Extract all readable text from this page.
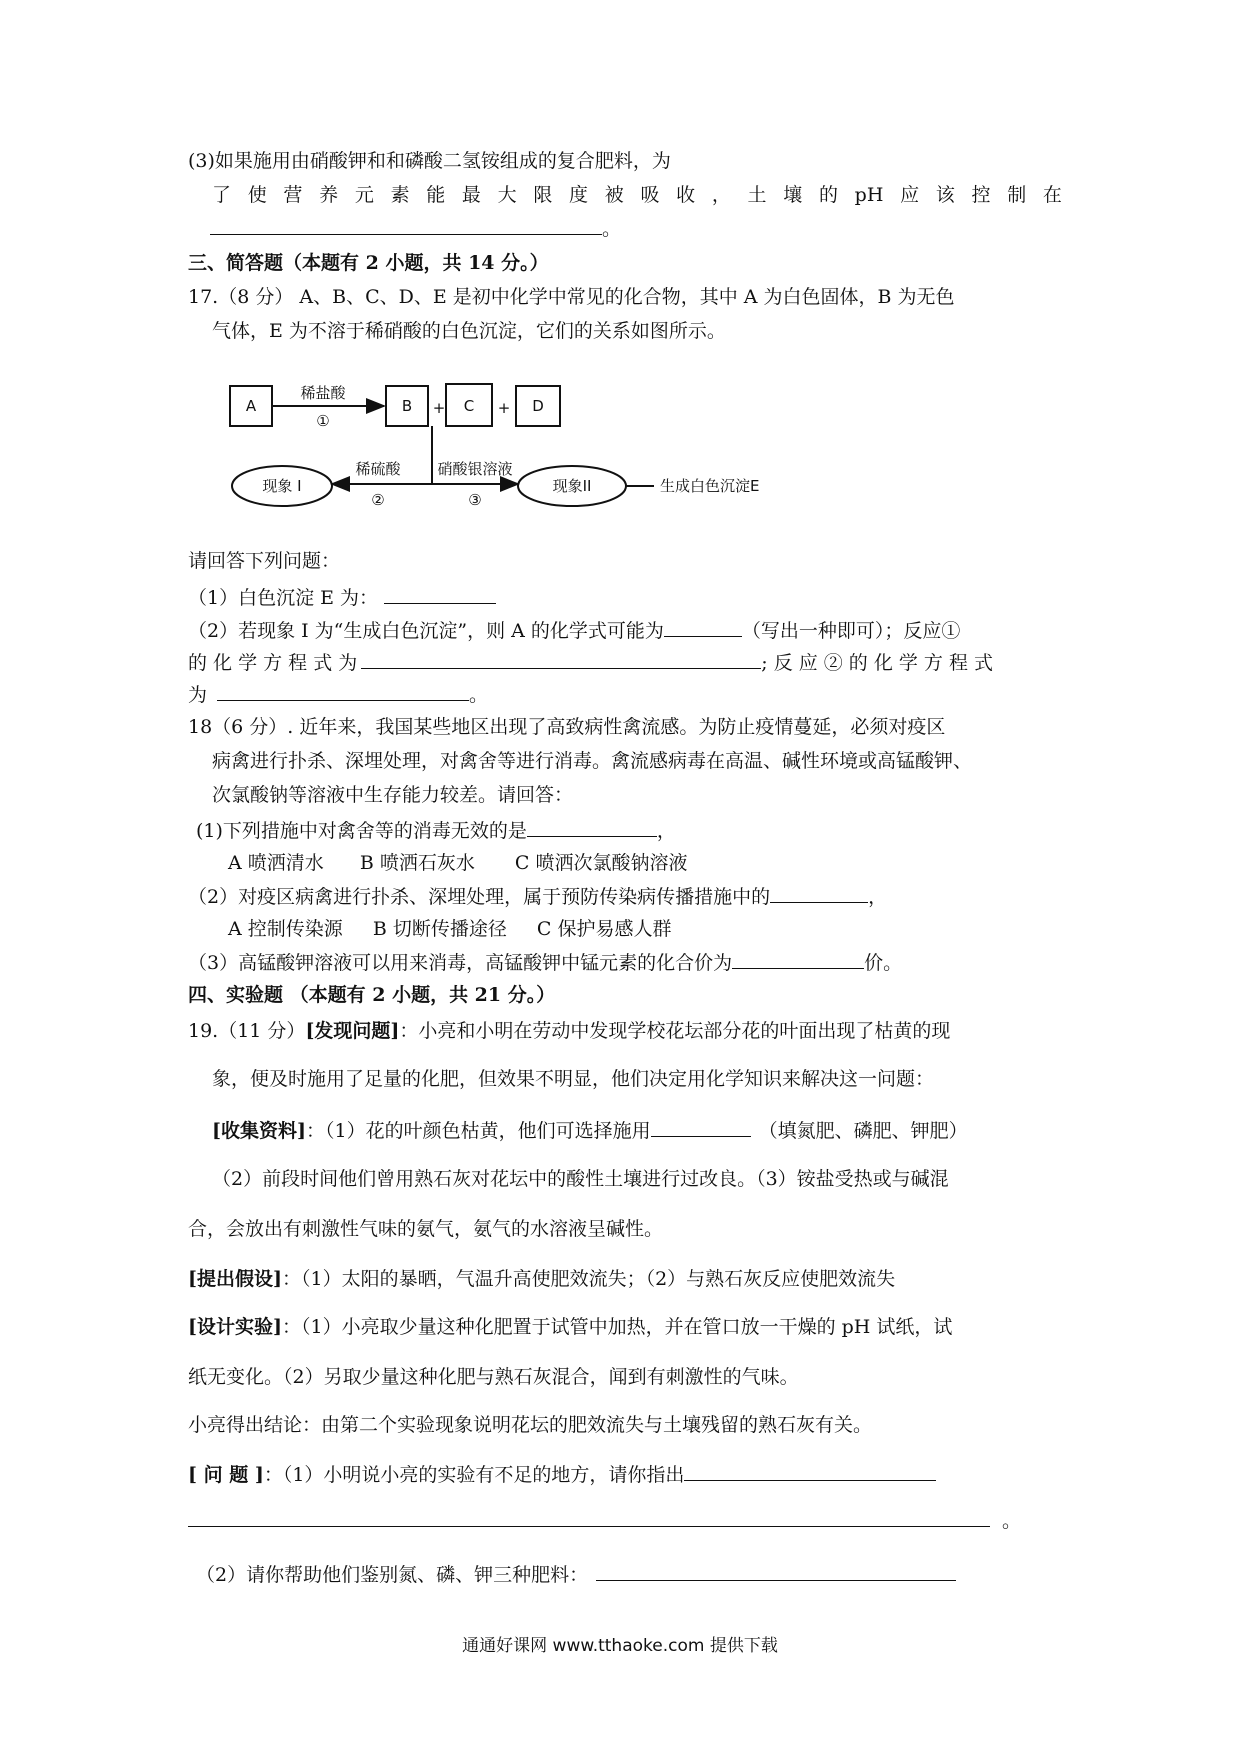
(3)如果施用由硝酸钾和和磷酸二氢铵组成的复合肥料，为
了 使 营 养 元 素 能 最 大 限 度 被 吸 收 ， 土 壤 的 pH 应 该 控 制 在
。
三、简答题（本题有 2 小题，共 14 分。）
17.（8 分） A、B、C、D、E 是初中化学中常见的化合物，其中 A 为白色固体，B 为无色
气体，E 为不溶于稀硝酸的白色沉淀，它们的关系如图所示。
A
稀盐酸
①
B + C + D
稀硫酸
②
硝酸银溶液
③
现象 I	现象II	生成白色沉淀E
请回答下列问题：
（1）白色沉淀 E 为：
（2）若现象 I 为“生成白色沉淀”，则 A 的化学式可能为	（写出一种即可）；反应①
的 化 学 方 程 式 为	; 反 应 ② 的 化 学 方 程 式
为	。
18（6 分）. 近年来，我国某些地区出现了高致病性禽流感。为防止疫情蔓延，必须对疫区
病禽进行扑杀、深埋处理，对禽舍等进行消毒。禽流感病毒在高温、碱性环境或高锰酸钾、
次氯酸钠等溶液中生存能力较差。请回答：
(1)下列措施中对禽舍等的消毒无效的是	，
A 喷洒清水 B 喷洒石灰水 C 喷洒次氯酸钠溶液
（2）对疫区病禽进行扑杀、深埋处理，属于预防传染病传播措施中的	，
A 控制传染源 B 切断传播途径 C 保护易感人群
（3）高锰酸钾溶液可以用来消毒，高锰酸钾中锰元素的化合价为	价。
四、实验题 （本题有 2 小题，共 21 分。）
19.（11 分）[发现问题]：小亮和小明在劳动中发现学校花坛部分花的叶面出现了枯黄的现
象，便及时施用了足量的化肥，但效果不明显，他们决定用化学知识来解决这一问题：
[收集资料]：（1）花的叶颜色枯黄，他们可选择施用	（填氮肥、磷肥、钾肥）
（2）前段时间他们曾用熟石灰对花坛中的酸性土壤进行过改良。（3）铵盐受热或与碱混
合，会放出有刺激性气味的氨气，氨气的水溶液呈碱性。
[提出假设]：（1）太阳的暴晒，气温升高使肥效流失；（2）与熟石灰反应使肥效流失
[设计实验]：（1）小亮取少量这种化肥置于试管中加热，并在管口放一干燥的 pH 试纸，试
纸无变化。（2）另取少量这种化肥与熟石灰混合，闻到有刺激性的气味。
小亮得出结论：由第二个实验现象说明花坛的肥效流失与土壤残留的熟石灰有关。
[ 问 题 ]：（1）小明说小亮的实验有不足的地方，请你指出
。
（2）请你帮助他们鉴别氮、磷、钾三种肥料：
通通好课网 www.tthaoke.com 提供下载
